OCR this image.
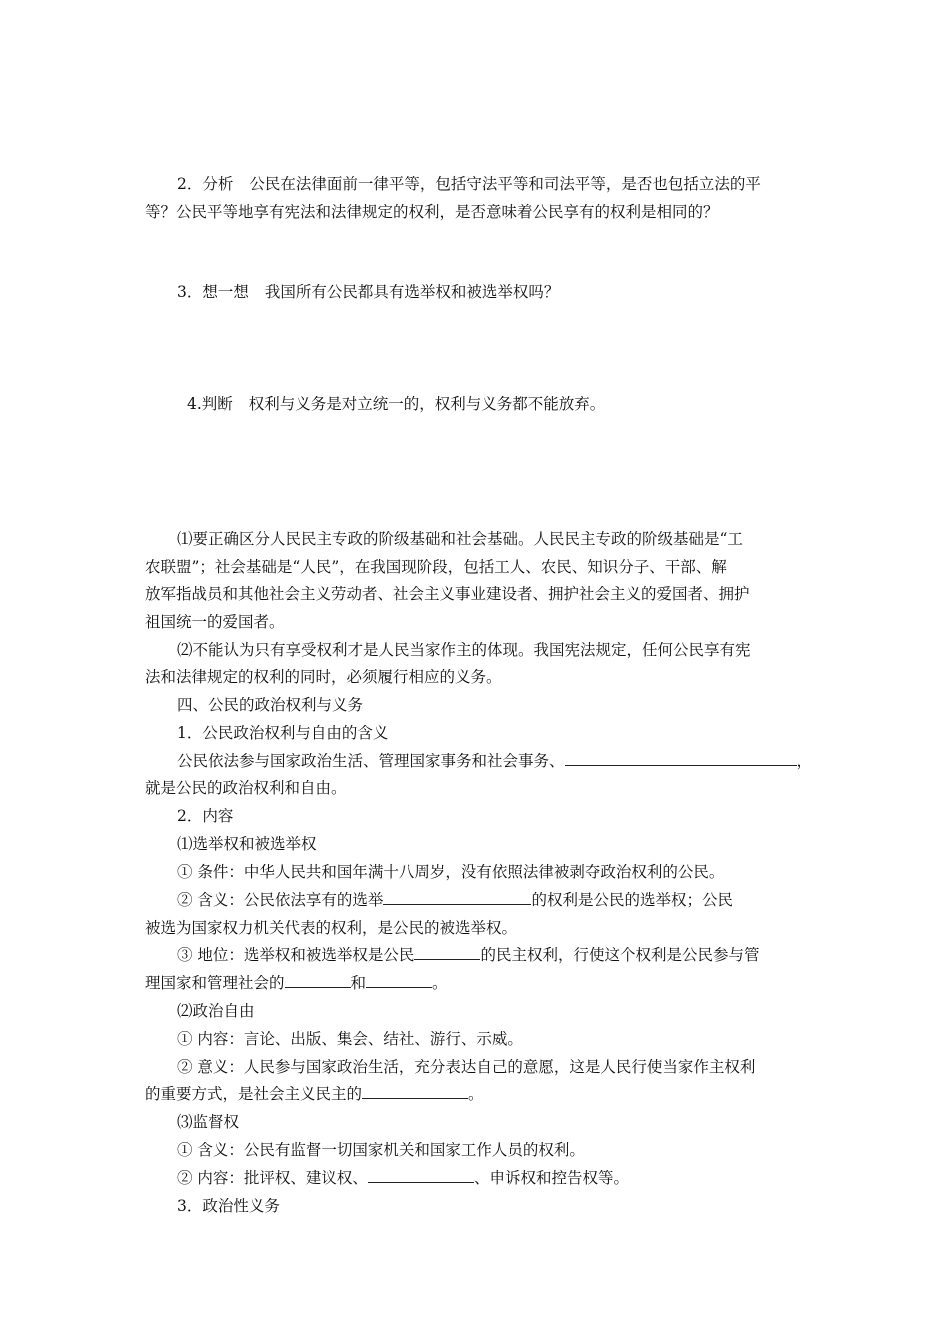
2．分析 公民在法律面前一律平等，包括守法平等和司法平等，是否也包括立法的平
等？公民平等地享有宪法和法律规定的权利，是否意味着公民享有的权利是相同的？
3．想一想 我国所有公民都具有选举权和被选举权吗？
4.判断 权利与义务是对立统一的，权利与义务都不能放弃。
⑴要正确区分人民民主专政的阶级基础和社会基础。人民民主专政的阶级基础是“工
农联盟”；社会基础是“人民”，在我国现阶段，包括工人、农民、知识分子、干部、解
放军指战员和其他社会主义劳动者、社会主义事业建设者、拥护社会主义的爱国者、拥护
祖国统一的爱国者。
⑵不能认为只有享受权利才是人民当家作主的体现。我国宪法规定，任何公民享有宪
法和法律规定的权利的同时，必须履行相应的义务。
四、公民的政治权利与义务
1．公民政治权利与自由的含义
公民依法参与国家政治生活、管理国家事务和社会事务、	，
就是公民的政治权利和自由。
2．内容
⑴选举权和被选举权
① 条件：中华人民共和国年满十八周岁，没有依照法律被剥夺政治权利的公民。
② 含义：公民依法享有的选举	的权利是公民的选举权；公民
被选为国家权力机关代表的权利，是公民的被选举权。
③ 地位：选举权和被选举权是公民	的民主权利，行使这个权利是公民参与管
理国家和管理社会的	和	。
⑵政治自由
① 内容：言论、出版、集会、结社、游行、示威。
② 意义：人民参与国家政治生活，充分表达自己的意愿，这是人民行使当家作主权利
的重要方式，是社会主义民主的	。
⑶监督权
① 含义：公民有监督一切国家机关和国家工作人员的权利。
② 内容：批评权、建议权、	、申诉权和控告权等。
3．政治性义务
